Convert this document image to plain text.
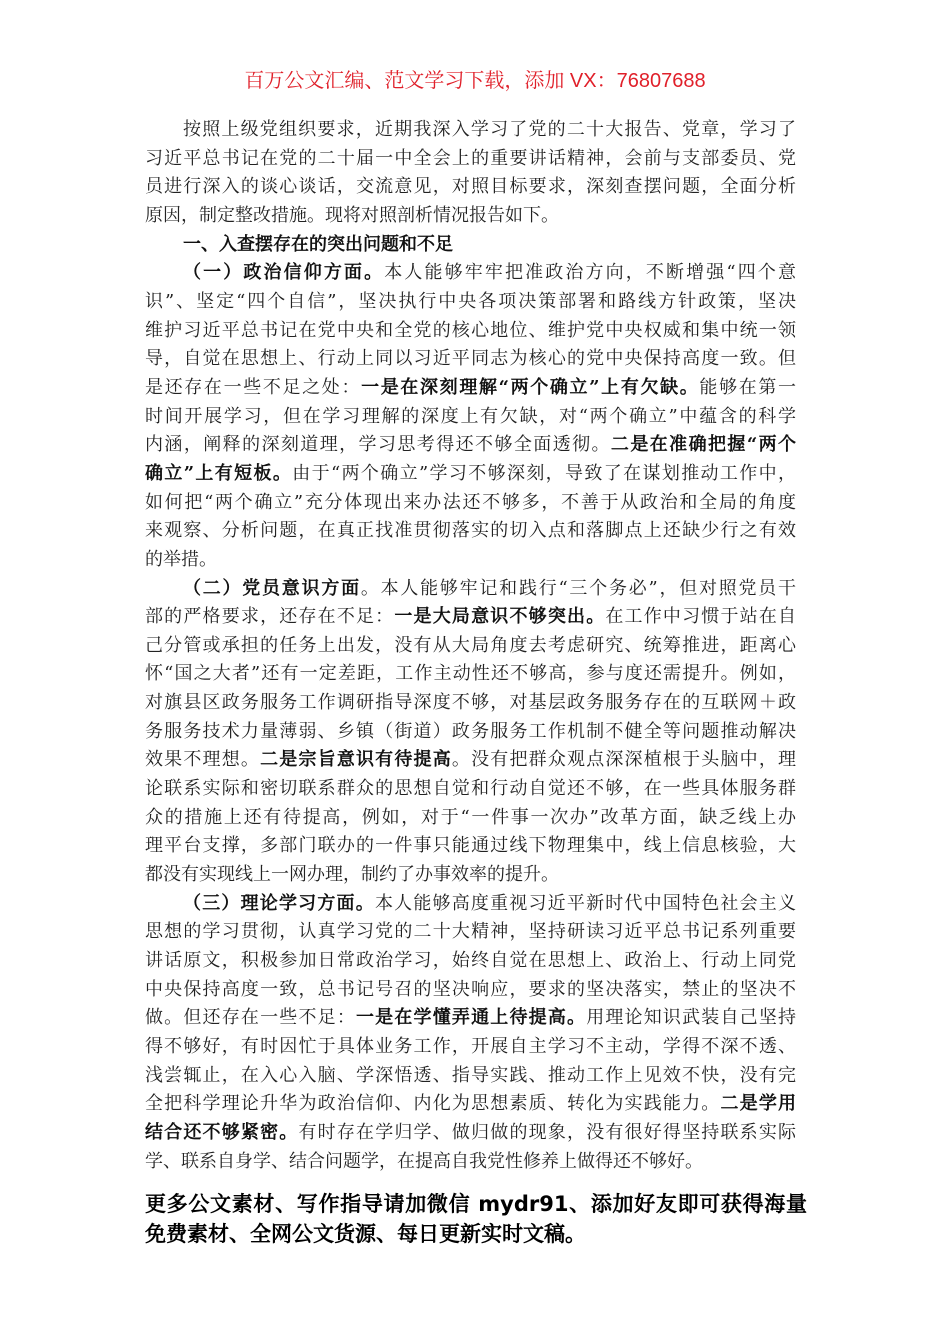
百万公文汇编、范文学习下载，添加 VX：76807688
按照上级党组织要求，近期我深入学习了党的二十大报告、党章，学习了
习近平总书记在党的二十届一中全会上的重要讲话精神，会前与支部委员、党
员进行深入的谈心谈话，交流意见，对照目标要求，深刻查摆问题，全面分析
原因，制定整改措施。现将对照剖析情况报告如下。
一、入查摆存在的突出问题和不足
（一）政治信仰方面。本人能够牢牢把准政治方向，不断增强“四个意
识”、坚定“四个自信”，坚决执行中央各项决策部署和路线方针政策，坚决
维护习近平总书记在党中央和全党的核心地位、维护党中央权威和集中统一领
导，自觉在思想上、行动上同以习近平同志为核心的党中央保持高度一致。但
是还存在一些不足之处：一是在深刻理解“两个确立”上有欠缺。能够在第一
时间开展学习，但在学习理解的深度上有欠缺，对“两个确立”中蕴含的科学
内涵，阐释的深刻道理，学习思考得还不够全面透彻。二是在准确把握“两个
确立”上有短板。由于“两个确立”学习不够深刻，导致了在谋划推动工作中，
如何把“两个确立”充分体现出来办法还不够多，不善于从政治和全局的角度
来观察、分析问题，在真正找准贯彻落实的切入点和落脚点上还缺少行之有效
的举措。
（二）党员意识方面。本人能够牢记和践行“三个务必”，但对照党员干
部的严格要求，还存在不足：一是大局意识不够突出。在工作中习惯于站在自
己分管或承担的任务上出发，没有从大局角度去考虑研究、统筹推进，距离心
怀“国之大者”还有一定差距，工作主动性还不够高，参与度还需提升。例如，
对旗县区政务服务工作调研指导深度不够，对基层政务服务存在的互联网＋政
务服务技术力量薄弱、乡镇（街道）政务服务工作机制不健全等问题推动解决
效果不理想。二是宗旨意识有待提高。没有把群众观点深深植根于头脑中，理
论联系实际和密切联系群众的思想自觉和行动自觉还不够，在一些具体服务群
众的措施上还有待提高，例如，对于“一件事一次办”改革方面，缺乏线上办
理平台支撑，多部门联办的一件事只能通过线下物理集中，线上信息核验，大
都没有实现线上一网办理，制约了办事效率的提升。
（三）理论学习方面。本人能够高度重视习近平新时代中国特色社会主义
思想的学习贯彻，认真学习党的二十大精神，坚持研读习近平总书记系列重要
讲话原文，积极参加日常政治学习，始终自觉在思想上、政治上、行动上同党
中央保持高度一致，总书记号召的坚决响应，要求的坚决落实，禁止的坚决不
做。但还存在一些不足：一是在学懂弄通上待提高。用理论知识武装自己坚持
得不够好，有时因忙于具体业务工作，开展自主学习不主动，学得不深不透、
浅尝辄止，在入心入脑、学深悟透、指导实践、推动工作上见效不快，没有完
全把科学理论升华为政治信仰、内化为思想素质、转化为实践能力。二是学用
结合还不够紧密。有时存在学归学、做归做的现象，没有很好得坚持联系实际
学、联系自身学、结合问题学，在提高自我党性修养上做得还不够好。
更多公文素材、写作指导请加微信 mydr91、添加好友即可获得海量
免费素材、全网公文货源、每日更新实时文稿。
